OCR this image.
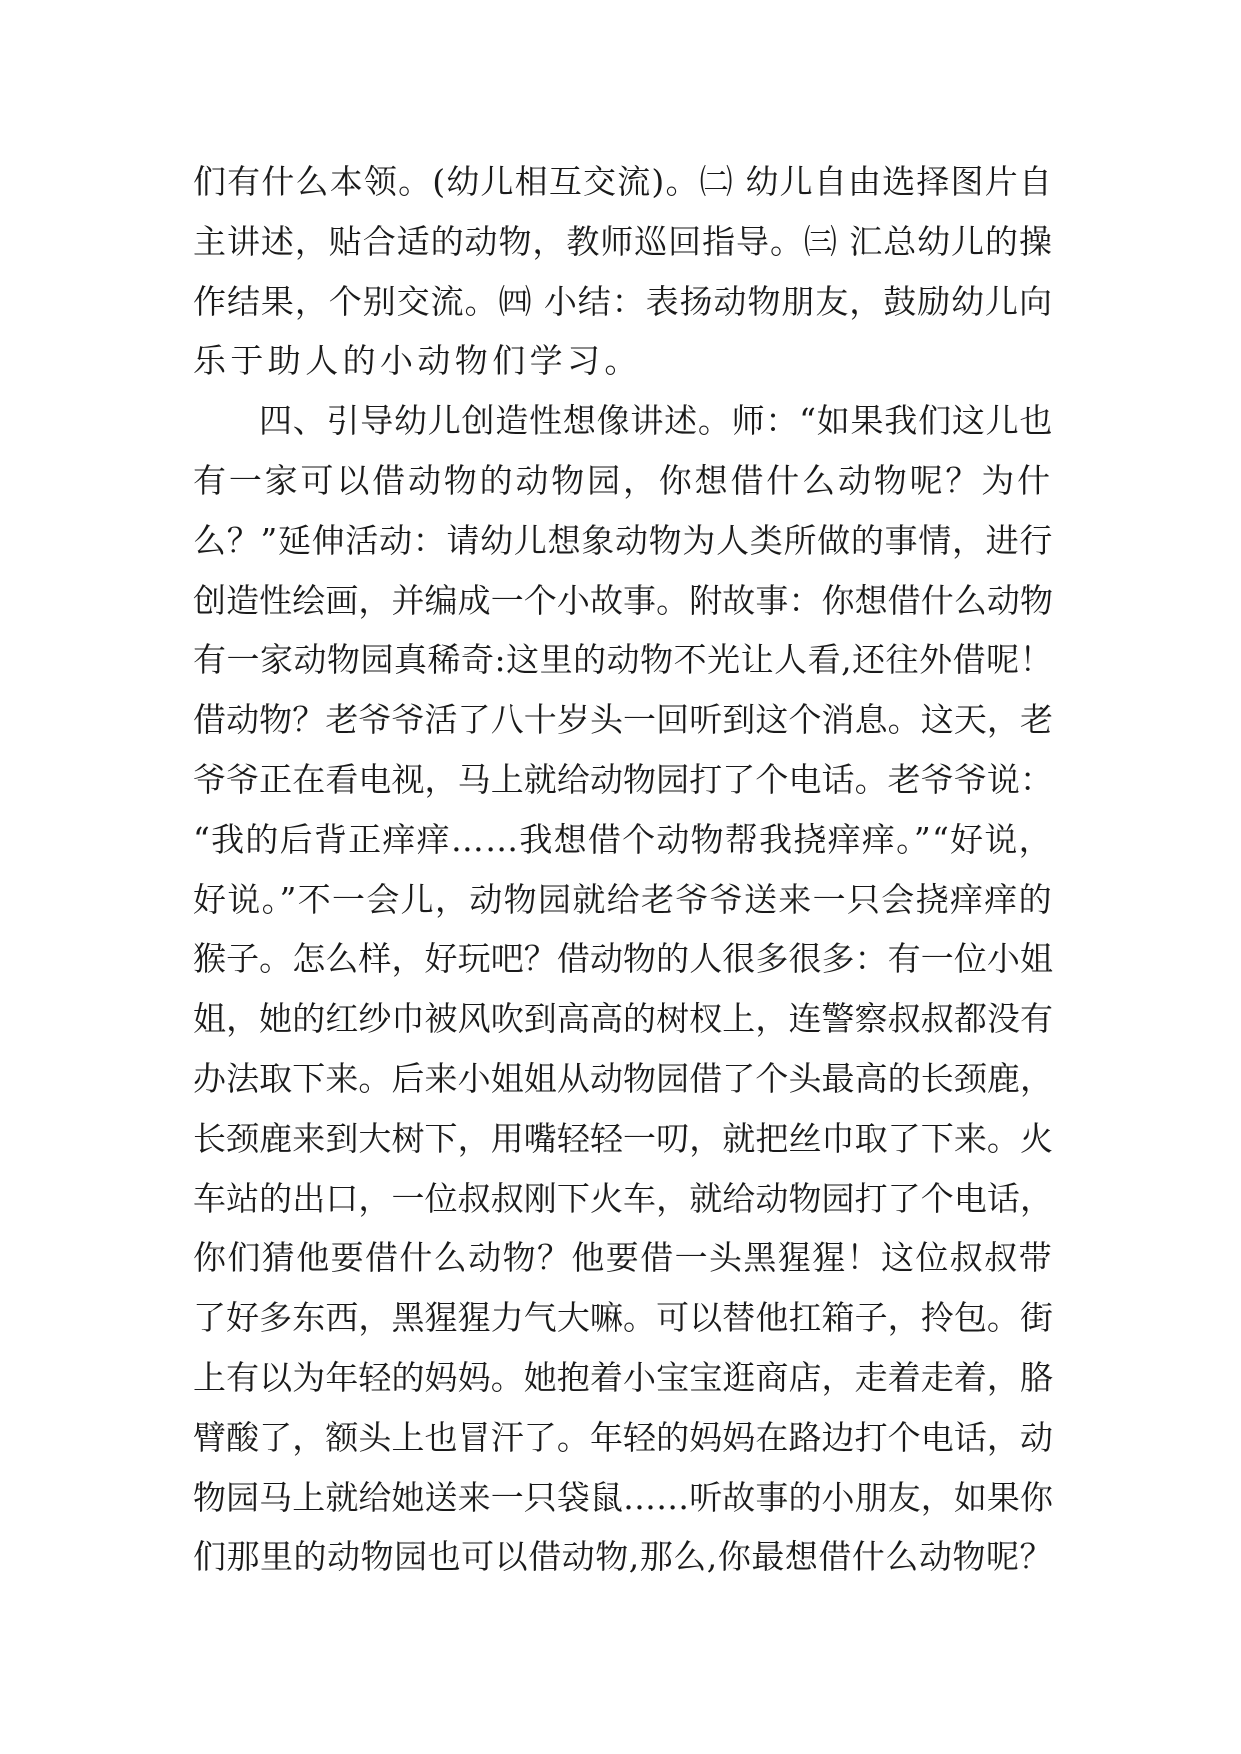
们有什么本领。(幼儿相互交流)。㈡ 幼儿自由选择图片自
主讲述，贴合适的动物，教师巡回指导。㈢ 汇总幼儿的操
作结果，个别交流。㈣ 小结：表扬动物朋友，鼓励幼儿向
乐于助人的小动物们学习。
四、引导幼儿创造性想像讲述。师：“如果我们这儿也
有一家可以借动物的动物园，你想借什么动物呢？为什
么？”延伸活动：请幼儿想象动物为人类所做的事情，进行
创造性绘画，并编成一个小故事。附故事：你想借什么动物
有一家动物园真稀奇:这里的动物不光让人看,还往外借呢！
借动物？老爷爷活了八十岁头一回听到这个消息。这天，老
爷爷正在看电视，马上就给动物园打了个电话。老爷爷说：
“我的后背正痒痒……我想借个动物帮我挠痒痒。”“好说，
好说。”不一会儿，动物园就给老爷爷送来一只会挠痒痒的
猴子。怎么样，好玩吧？借动物的人很多很多：有一位小姐
姐，她的红纱巾被风吹到高高的树杈上，连警察叔叔都没有
办法取下来。后来小姐姐从动物园借了个头最高的长颈鹿，
长颈鹿来到大树下，用嘴轻轻一叨，就把丝巾取了下来。火
车站的出口，一位叔叔刚下火车，就给动物园打了个电话，
你们猜他要借什么动物？他要借一头黑猩猩！这位叔叔带
了好多东西，黑猩猩力气大嘛。可以替他扛箱子，拎包。街
上有以为年轻的妈妈。她抱着小宝宝逛商店，走着走着，胳
臂酸了，额头上也冒汗了。年轻的妈妈在路边打个电话，动
物园马上就给她送来一只袋鼠……听故事的小朋友，如果你
们那里的动物园也可以借动物,那么,你最想借什么动物呢？
